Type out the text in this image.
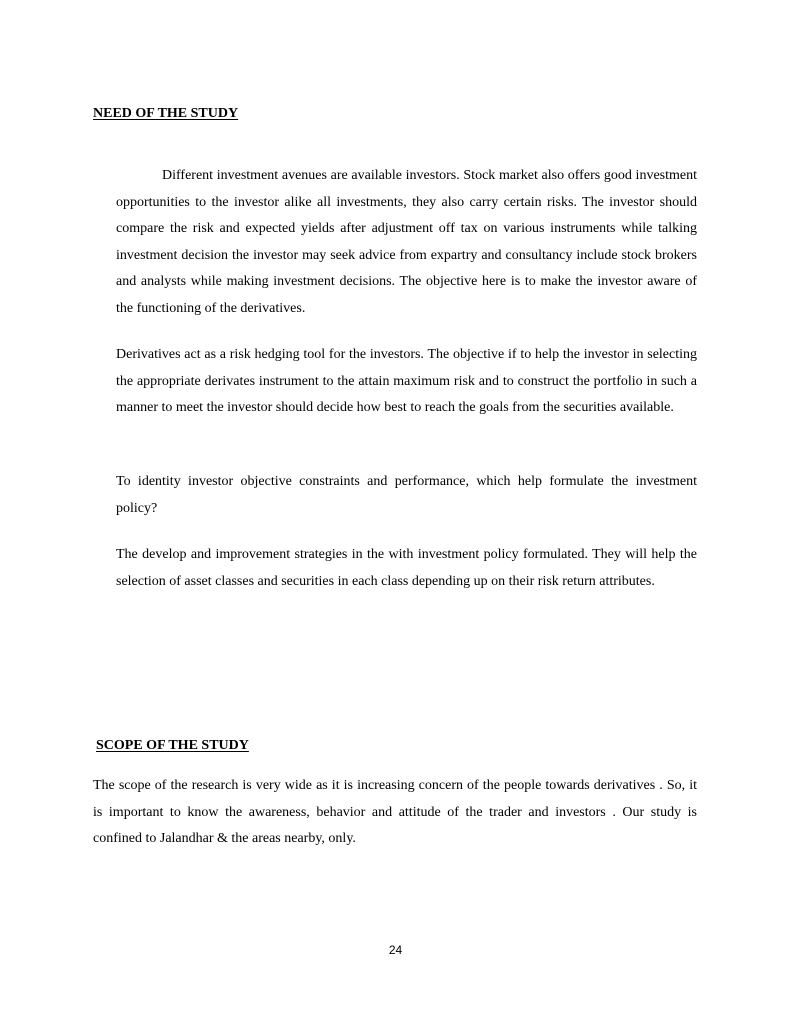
NEED OF THE STUDY

Different investment avenues are available investors. Stock market also offers good investment opportunities to the investor alike all investments, they also carry certain risks. The investor should compare the risk and expected yields after adjustment off tax on various instruments while talking investment decision the investor may seek advice from expartry and consultancy include stock brokers and analysts while making investment decisions. The objective here is to make the investor aware of the functioning of the derivatives.

Derivatives act as a risk hedging tool for the investors. The objective if to help the investor in selecting the appropriate derivates instrument to the attain maximum risk and to construct the portfolio in such a manner to meet the investor should decide how best to reach the goals from the securities available.

To identity investor objective constraints and performance, which help formulate the investment policy?

The develop and improvement strategies in the with investment policy formulated. They will help the selection of asset classes and securities in each class depending up on their risk return attributes.

SCOPE OF THE STUDY

The scope of the research is very wide as it is increasing concern of the people towards derivatives . So, it is important to know the awareness, behavior and attitude of the trader and investors . Our study is confined to Jalandhar & the areas nearby, only.

24
